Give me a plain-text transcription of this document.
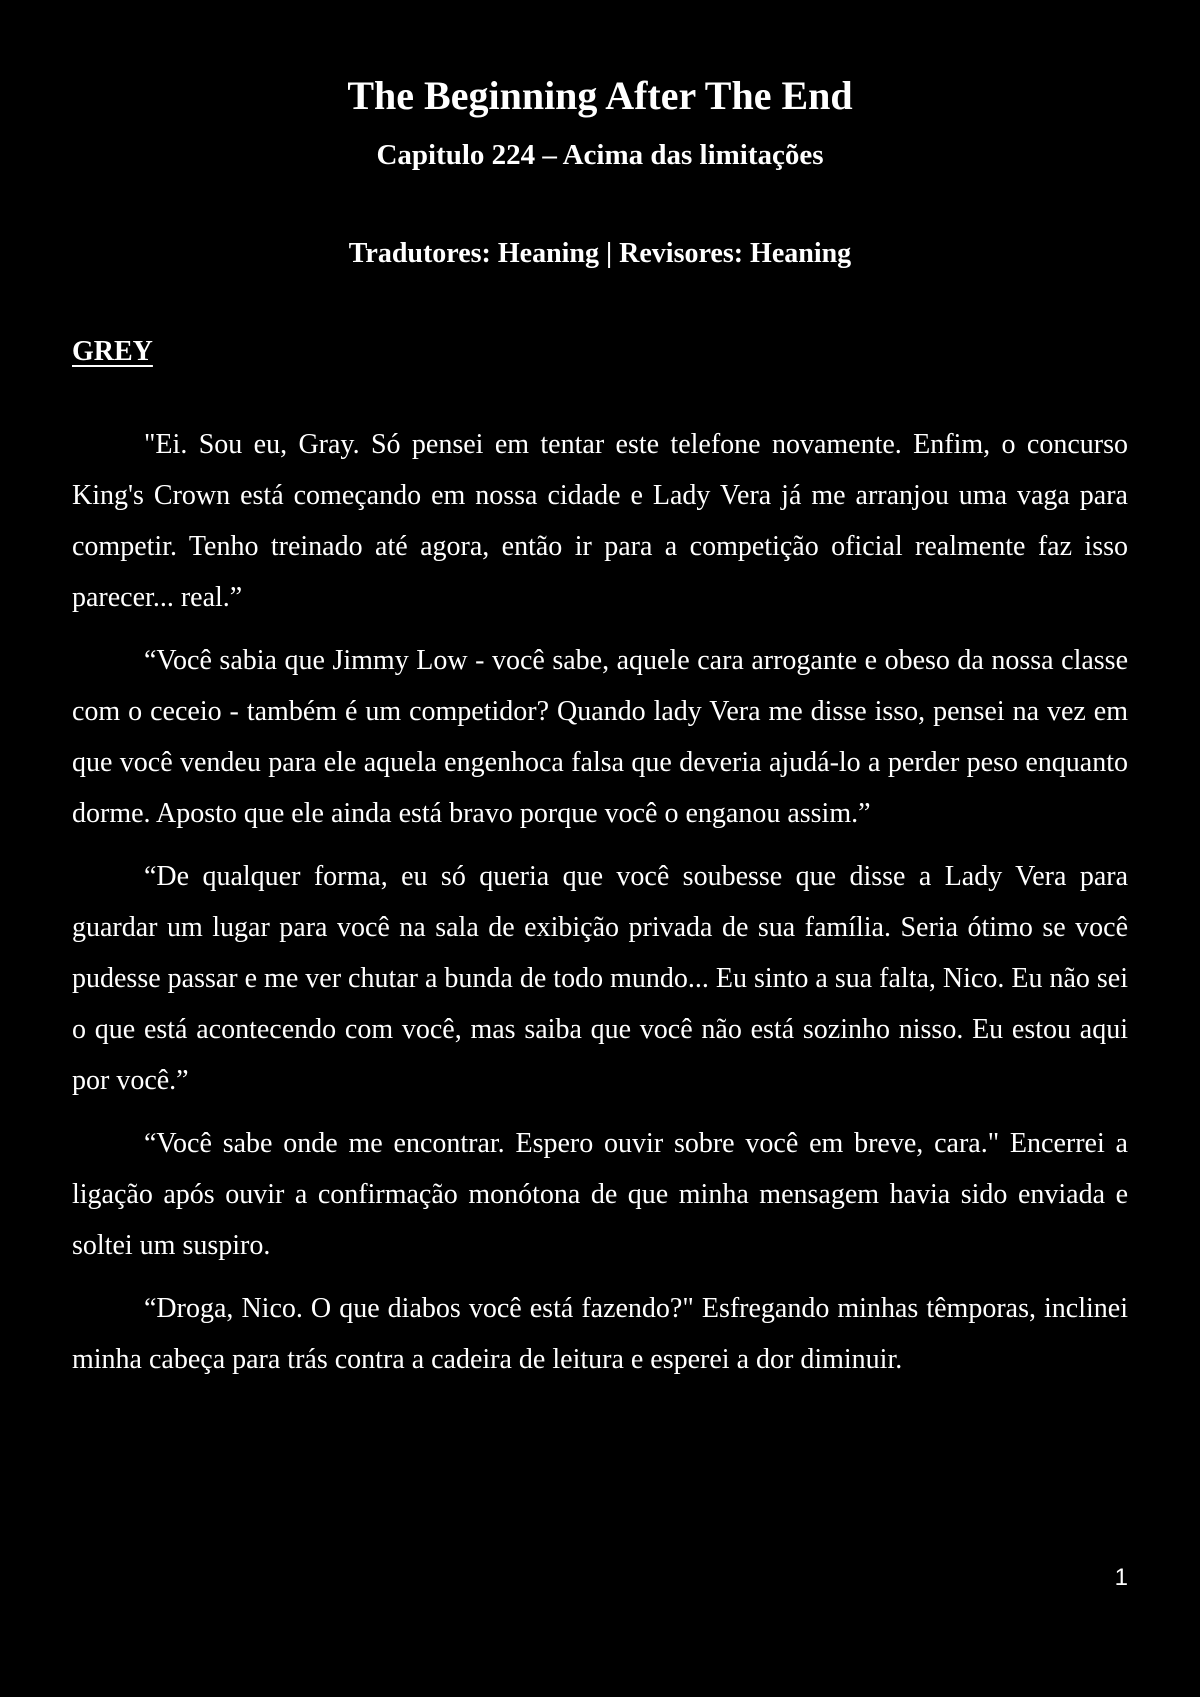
The Beginning After The End
Capitulo 224 – Acima das limitações

Tradutores: Heaning | Revisores: Heaning

GREY

"Ei. Sou eu, Gray. Só pensei em tentar este telefone novamente. Enfim, o concurso King's Crown está começando em nossa cidade e Lady Vera já me arranjou uma vaga para competir. Tenho treinado até agora, então ir para a competição oficial realmente faz isso parecer... real.”

“Você sabia que Jimmy Low - você sabe, aquele cara arrogante e obeso da nossa classe com o ceceio - também é um competidor? Quando lady Vera me disse isso, pensei na vez em que você vendeu para ele aquela engenhoca falsa que deveria ajudá-lo a perder peso enquanto dorme. Aposto que ele ainda está bravo porque você o enganou assim.”

“De qualquer forma, eu só queria que você soubesse que disse a Lady Vera para guardar um lugar para você na sala de exibição privada de sua família. Seria ótimo se você pudesse passar e me ver chutar a bunda de todo mundo... Eu sinto a sua falta, Nico. Eu não sei o que está acontecendo com você, mas saiba que você não está sozinho nisso. Eu estou aqui por você.”

“Você sabe onde me encontrar. Espero ouvir sobre você em breve, cara." Encerrei a ligação após ouvir a confirmação monótona de que minha mensagem havia sido enviada e soltei um suspiro.

“Droga, Nico. O que diabos você está fazendo?" Esfregando minhas têmporas, inclinei minha cabeça para trás contra a cadeira de leitura e esperei a dor diminuir.

1
